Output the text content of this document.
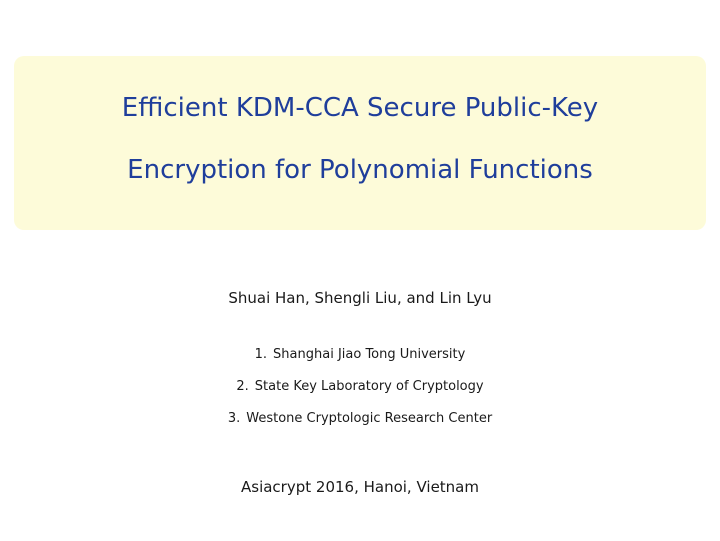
Efficient KDM-CCA Secure Public-Key
Encryption for Polynomial Functions
Shuai Han, Shengli Liu, and Lin Lyu
1. Shanghai Jiao Tong University
2. State Key Laboratory of Cryptology
3. Westone Cryptologic Research Center
Asiacrypt 2016, Hanoi, Vietnam
